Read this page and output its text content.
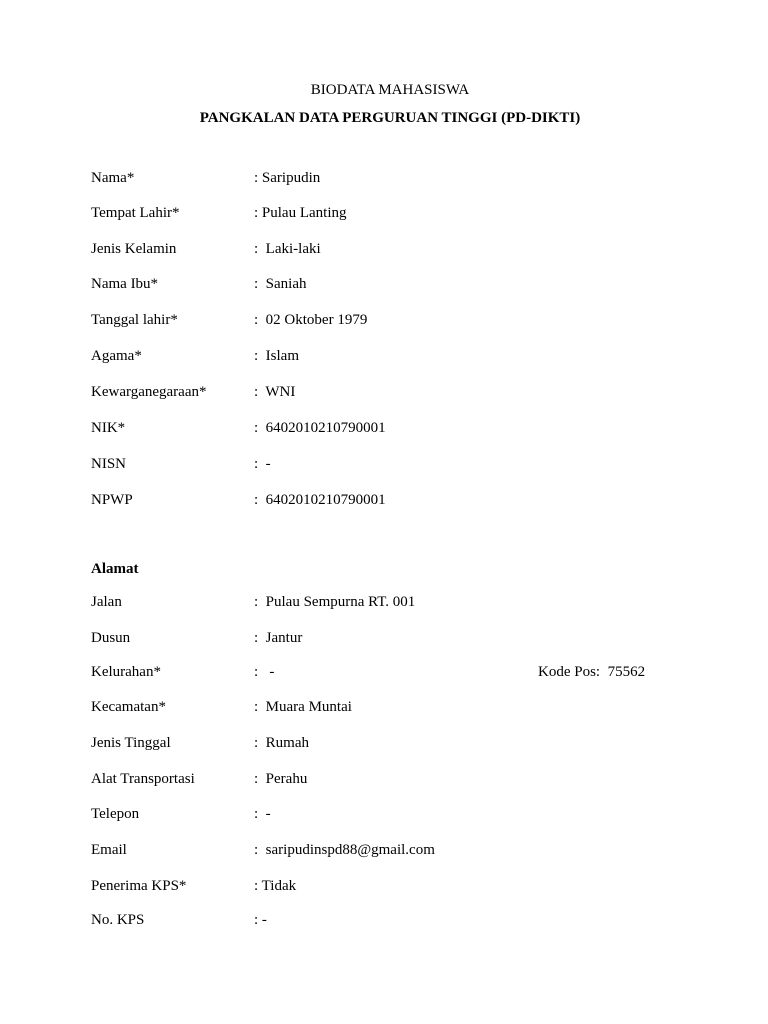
BIODATA MAHASISWA
PANGKALAN DATA PERGURUAN TINGGI (PD-DIKTI)
Nama*	: Saripudin
Tempat Lahir*	: Pulau Lanting
Jenis Kelamin	:  Laki-laki
Nama Ibu*	:  Saniah
Tanggal lahir*	:  02 Oktober 1979
Agama*	:  Islam
Kewarganegaraan*	:  WNI
NIK*	:  6402010210790001
NISN	:  -
NPWP	:  6402010210790001
Alamat
Jalan	:  Pulau Sempurna RT. 001
Dusun	:  Jantur
Kelurahan*	:   -	Kode Pos:  75562
Kecamatan*	:  Muara Muntai
Jenis Tinggal	:  Rumah
Alat Transportasi	:  Perahu
Telepon	:  -
Email	:  saripudinspd88@gmail.com
Penerima KPS*	: Tidak
No. KPS	: -
